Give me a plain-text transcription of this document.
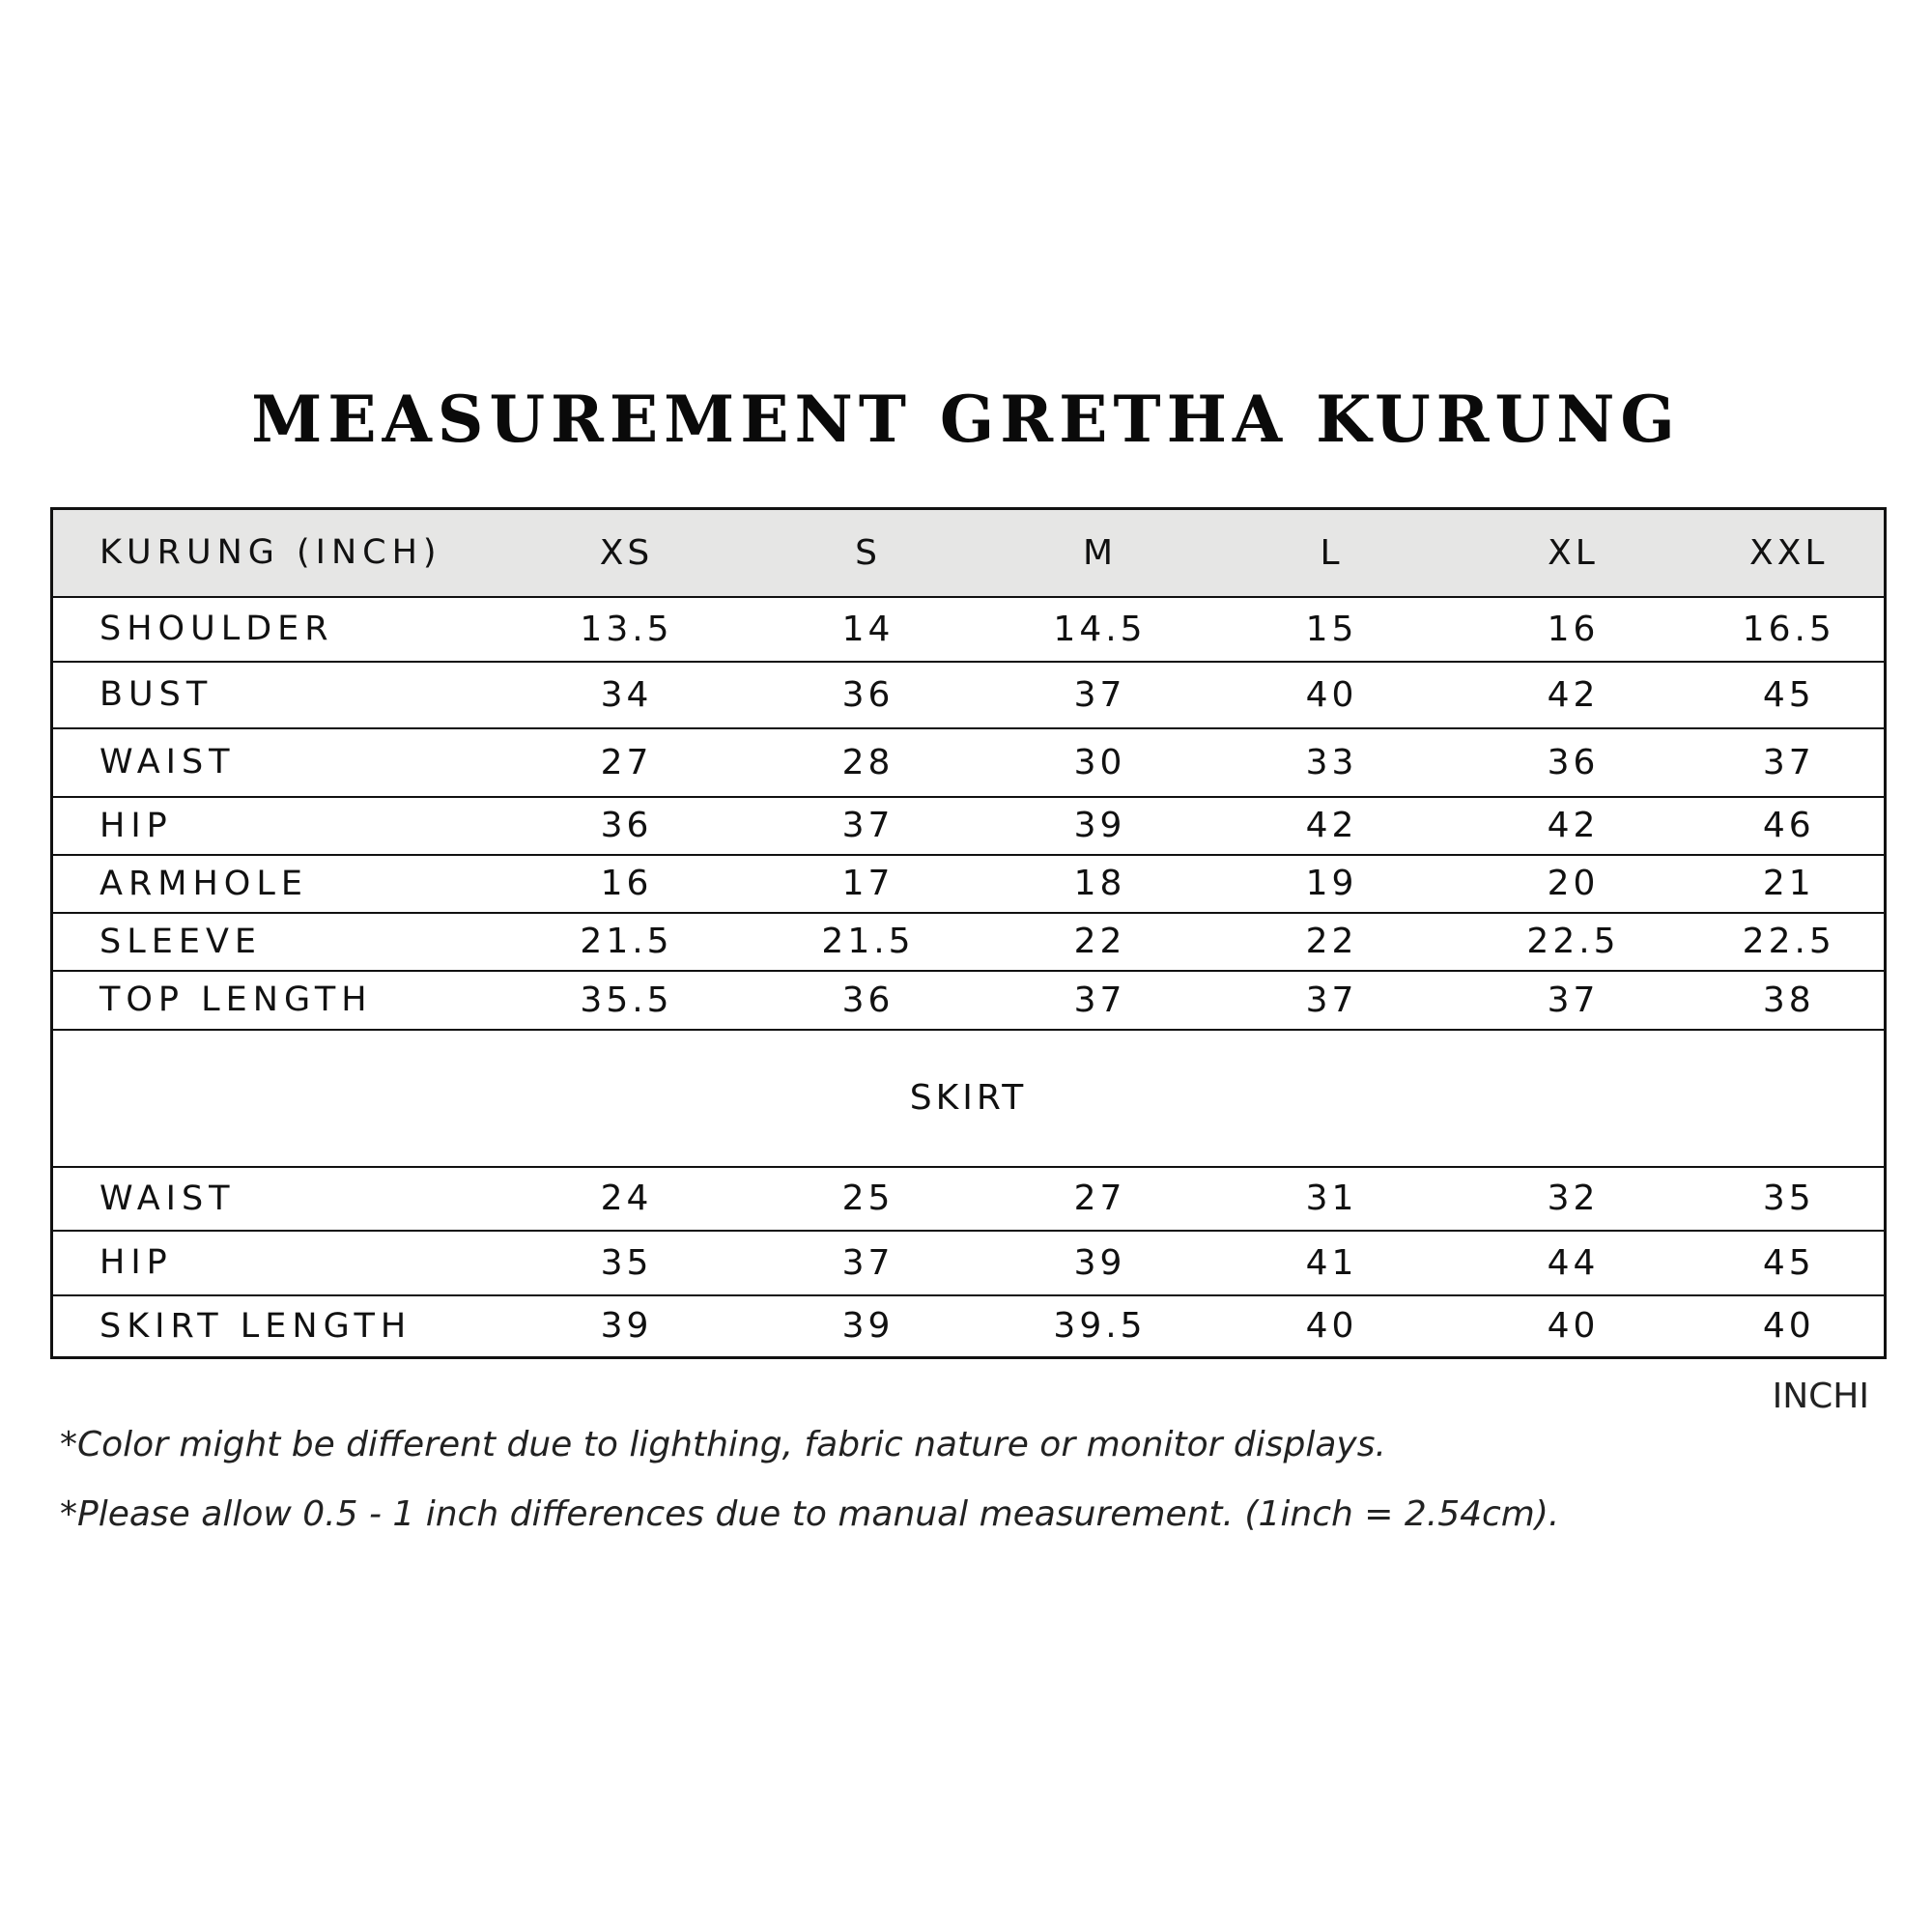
MEASUREMENT GRETHA KURUNG
KURUNG (INCH)	XS	S	M	L	XL	XXL
SHOULDER	13.5	14	14.5	15	16	16.5
BUST	34	36	37	40	42	45
WAIST	27	28	30	33	36	37
HIP	36	37	39	42	42	46
ARMHOLE	16	17	18	19	20	21
SLEEVE	21.5	21.5	22	22	22.5	22.5
TOP LENGTH	35.5	36	37	37	37	38
SKIRT						
WAIST	24	25	27	31	32	35
HIP	35	37	39	41	44	45
SKIRT LENGTH	39	39	39.5	40	40	40
INCHI
*Color might be different due to lighthing, fabric nature or monitor displays.
*Please allow 0.5 - 1 inch differences due to manual measurement. (1inch = 2.54cm).
